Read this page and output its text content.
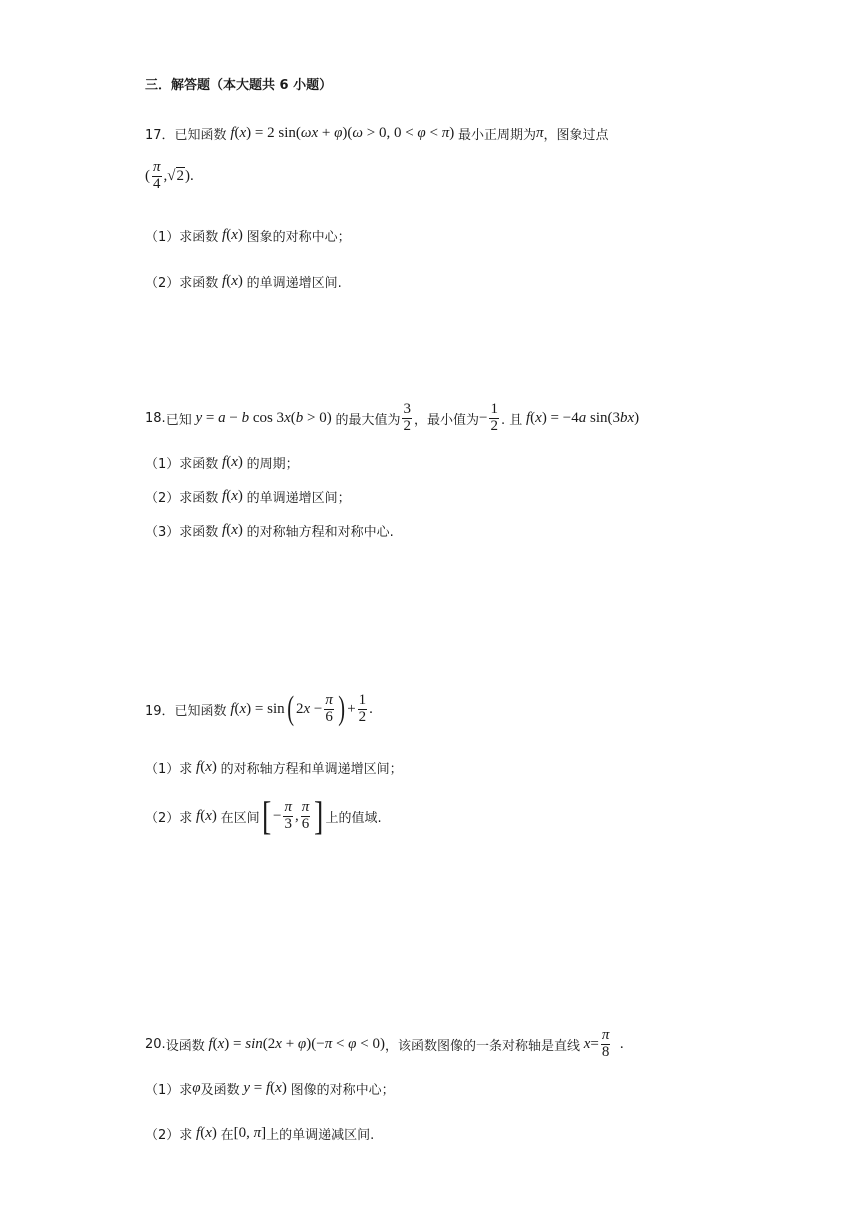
三．解答题（本大题共 6 小题）
17． 已知函数 f(x) = 2 sin(ωx + φ)(ω > 0, 0 < φ < π) 最小正周期为 π ，图象过点
( $\frac{\pi}{4}$ , √2 ).
（1）求函数 f(x) 图象的对称中心；
（2）求函数 f(x) 的单调递增区间.
18. 已知 y = a − b cos 3x(b > 0) 的最大值为 $\frac{3}{2}$ ，最小值为 − $\frac{1}{2}$ . 且 f(x) = −4a sin(3bx)
（1）求函数 f(x) 的周期；
（2）求函数 f(x) 的单调递增区间；
（3）求函数 f(x) 的对称轴方程和对称中心.
19． 已知函数 f(x) = sin ( $2x - \frac{\pi}{6}$ ) + $\frac{1}{2}$ .
（1）求 f(x) 的对称轴方程和单调递增区间；
（2）求 f(x) 在区间 [ − $\frac{\pi}{3}$ , $\frac{\pi}{6}$ ] 上的值域.
20. 设函数 f(x) = sin(2x + φ)(−π < φ < 0) ，该函数图像的一条对称轴是直线 $x = \frac{\pi}{8}$ .
（1）求 φ 及函数 y = f(x) 图像的对称中心；
（2）求 f(x) 在 [0, π] 上的单调递减区间.
